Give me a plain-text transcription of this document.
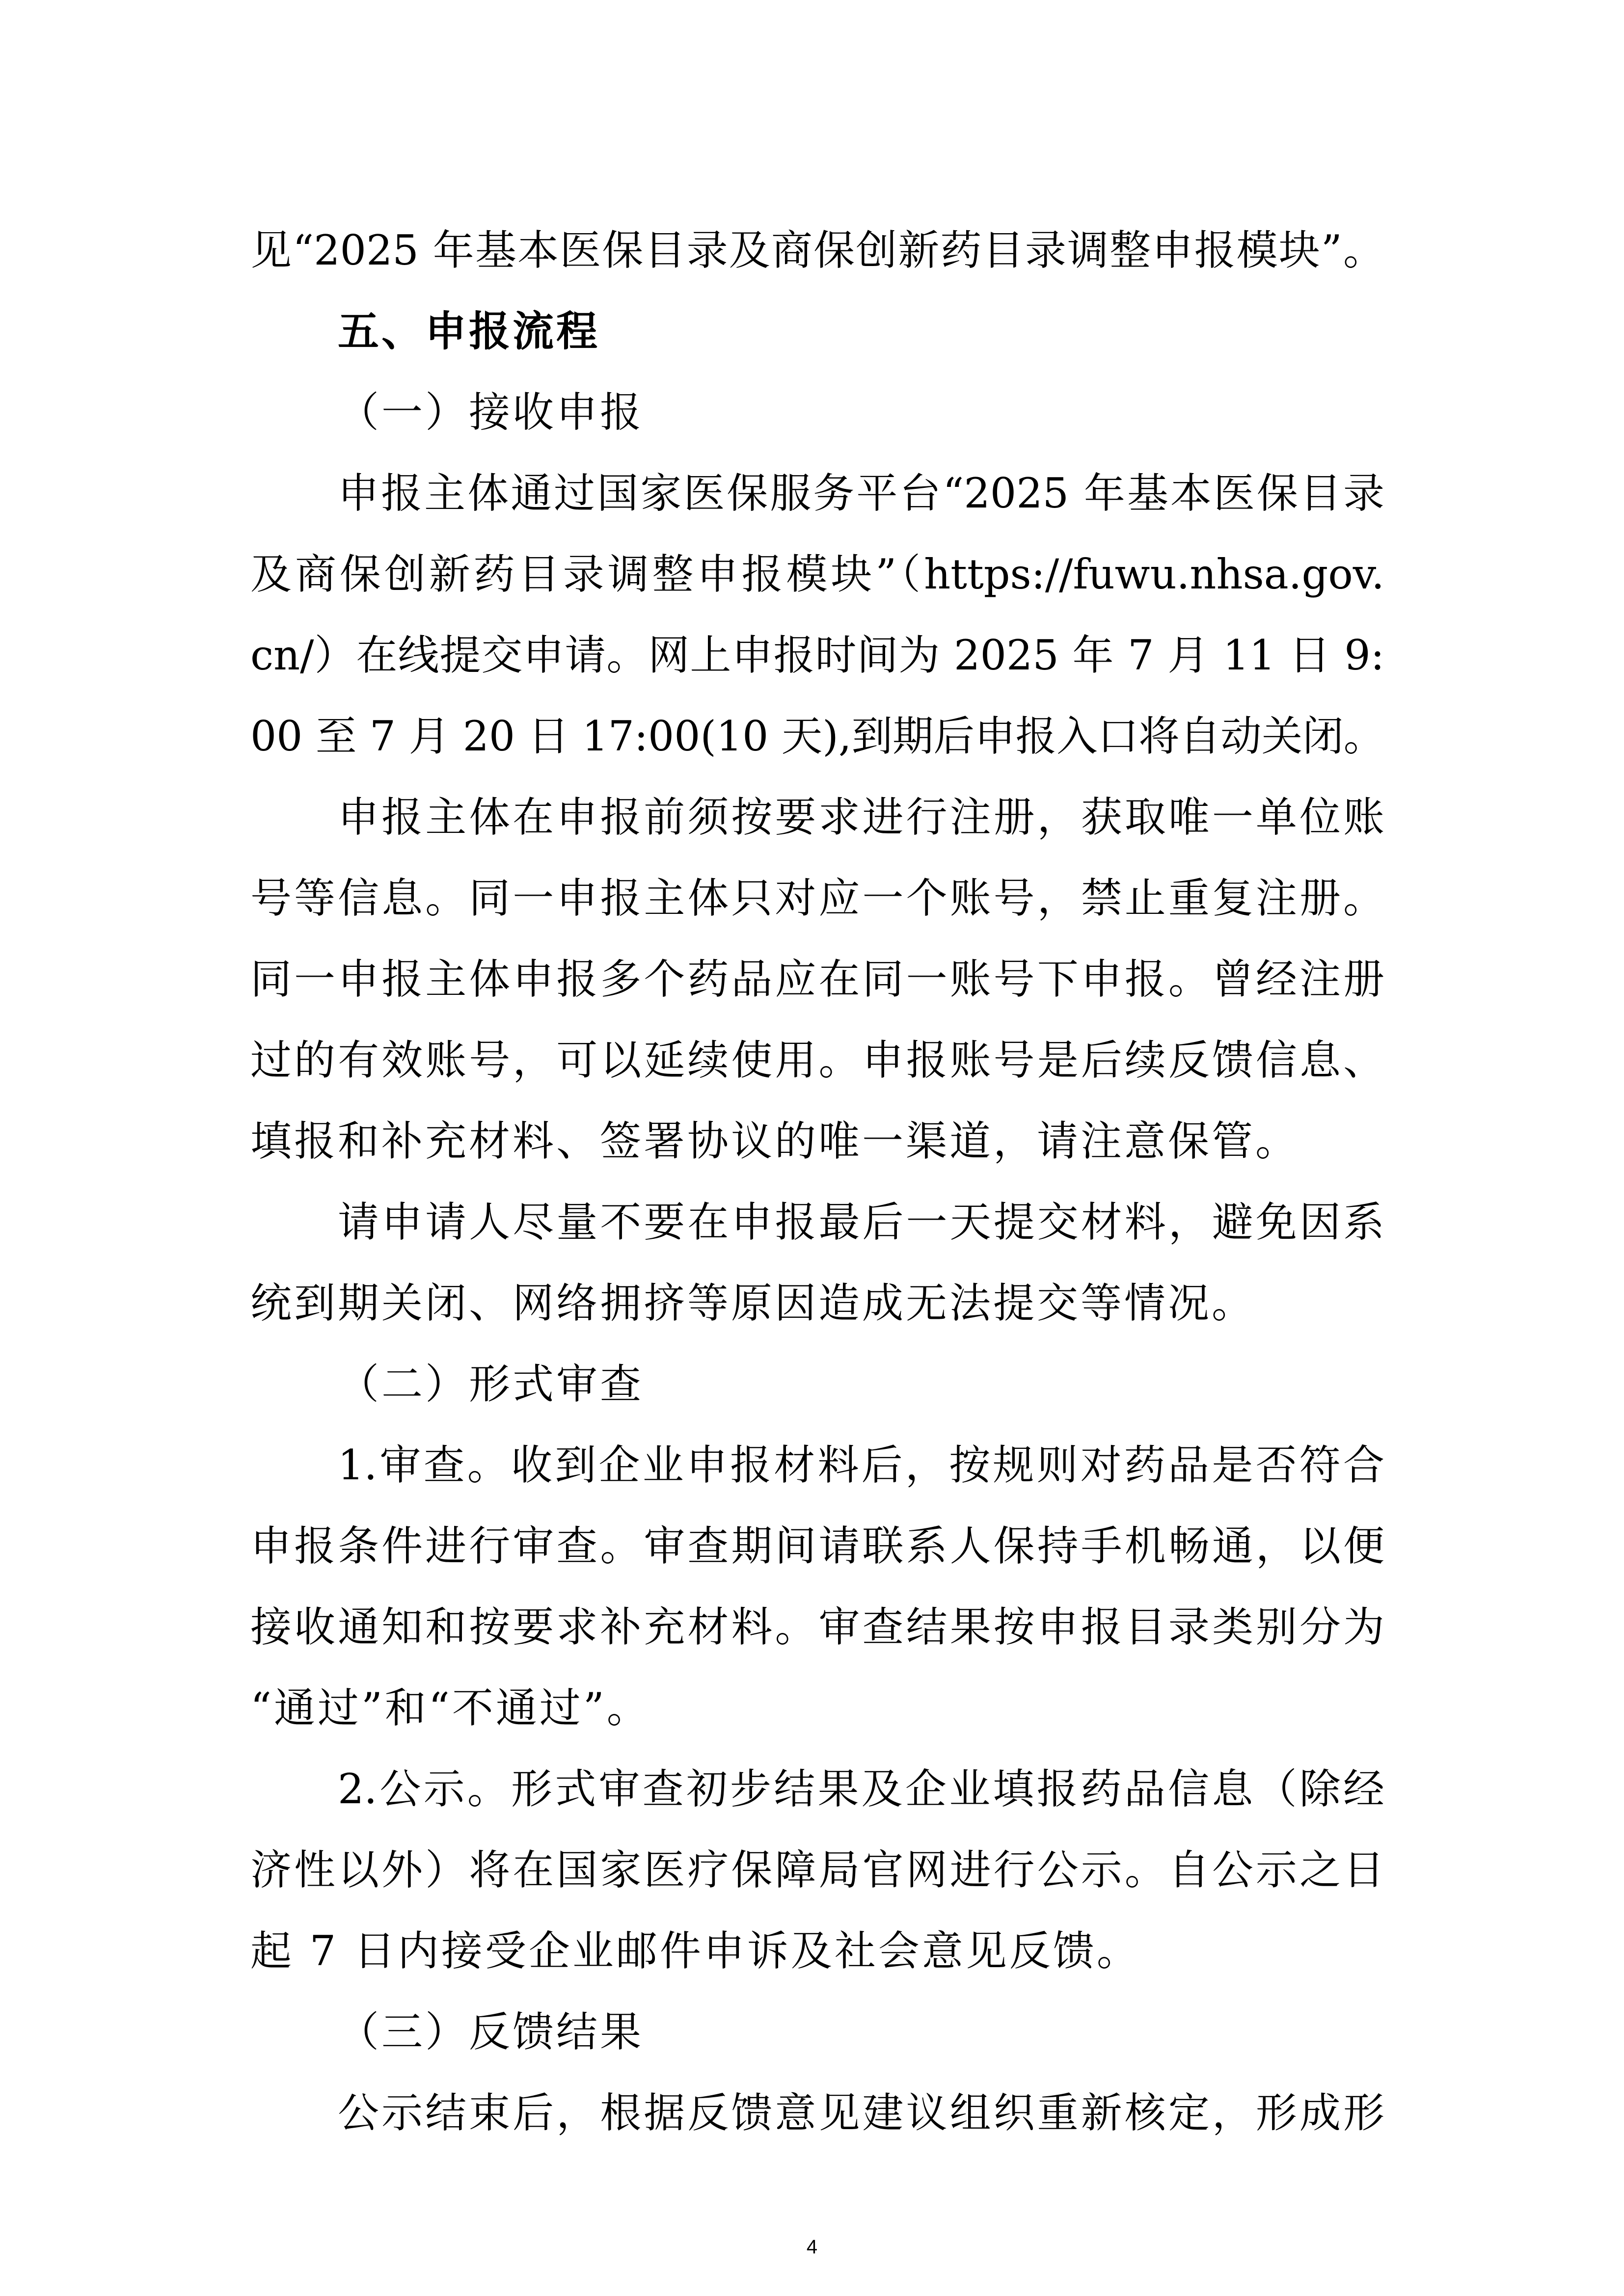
见“2025 年基本医保目录及商保创新药目录调整申报模块”。
五、申报流程
（一）接收申报
申报主体通过国家医保服务平台“2025 年基本医保目录
及商保创新药目录调整申报模块”（https://fuwu.nhsa.gov.
cn/）在线提交申请。网上申报时间为 2025 年 7 月 11 日 9:
00 至 7 月 20 日 17:00(10 天),到期后申报入口将自动关闭。
申报主体在申报前须按要求进行注册，获取唯一单位账
号等信息。同一申报主体只对应一个账号，禁止重复注册。
同一申报主体申报多个药品应在同一账号下申报。曾经注册
过的有效账号，可以延续使用。申报账号是后续反馈信息、
填报和补充材料、签署协议的唯一渠道，请注意保管。
请申请人尽量不要在申报最后一天提交材料，避免因系
统到期关闭、网络拥挤等原因造成无法提交等情况。
（二）形式审查
1.审查。收到企业申报材料后，按规则对药品是否符合
申报条件进行审查。审查期间请联系人保持手机畅通，以便
接收通知和按要求补充材料。审查结果按申报目录类别分为
“通过”和“不通过”。
2.公示。形式审查初步结果及企业填报药品信息（除经
济性以外）将在国家医疗保障局官网进行公示。自公示之日
起 7 日内接受企业邮件申诉及社会意见反馈。
（三）反馈结果
公示结束后，根据反馈意见建议组织重新核定，形成形
4
